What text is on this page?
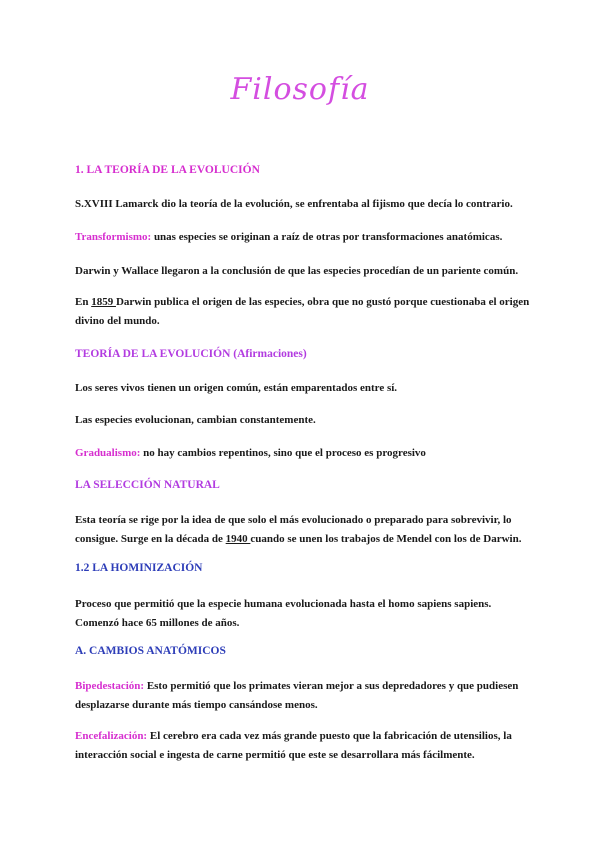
Filosofía
1. LA TEORÍA DE LA EVOLUCIÓN
S.XVIII Lamarck dio la teoría de la evolución, se enfrentaba al fijismo que decía lo contrario.
Transformismo: unas especies se originan a raíz de otras por transformaciones anatómicas.
Darwin y Wallace llegaron a la conclusión de que las especies procedían de un pariente común.
En 1859 Darwin publica el origen de las especies, obra que no gustó porque cuestionaba el origen divino del mundo.
TEORÍA DE LA EVOLUCIÓN (Afirmaciones)
Los seres vivos tienen un origen común, están emparentados entre sí.
Las especies evolucionan, cambian constantemente.
Gradualismo: no hay cambios repentinos, sino que el proceso es progresivo
LA SELECCIÓN NATURAL
Esta teoría se rige por la idea de que solo el más evolucionado o preparado para sobrevivir, lo consigue. Surge en la década de 1940 cuando se unen los trabajos de Mendel con los de Darwin.
1.2 LA HOMINIZACIÓN
Proceso que permitió que la especie humana evolucionada hasta el homo sapiens sapiens. Comenzó hace 65 millones de años.
A. CAMBIOS ANATÓMICOS
Bipedestación: Esto permitió que los primates vieran mejor a sus depredadores y que pudiesen desplazarse durante más tiempo cansándose menos.
Encefalización: El cerebro era cada vez más grande puesto que la fabricación de utensilios, la interacción social e ingesta de carne permitió que este se desarrollara más fácilmente.
